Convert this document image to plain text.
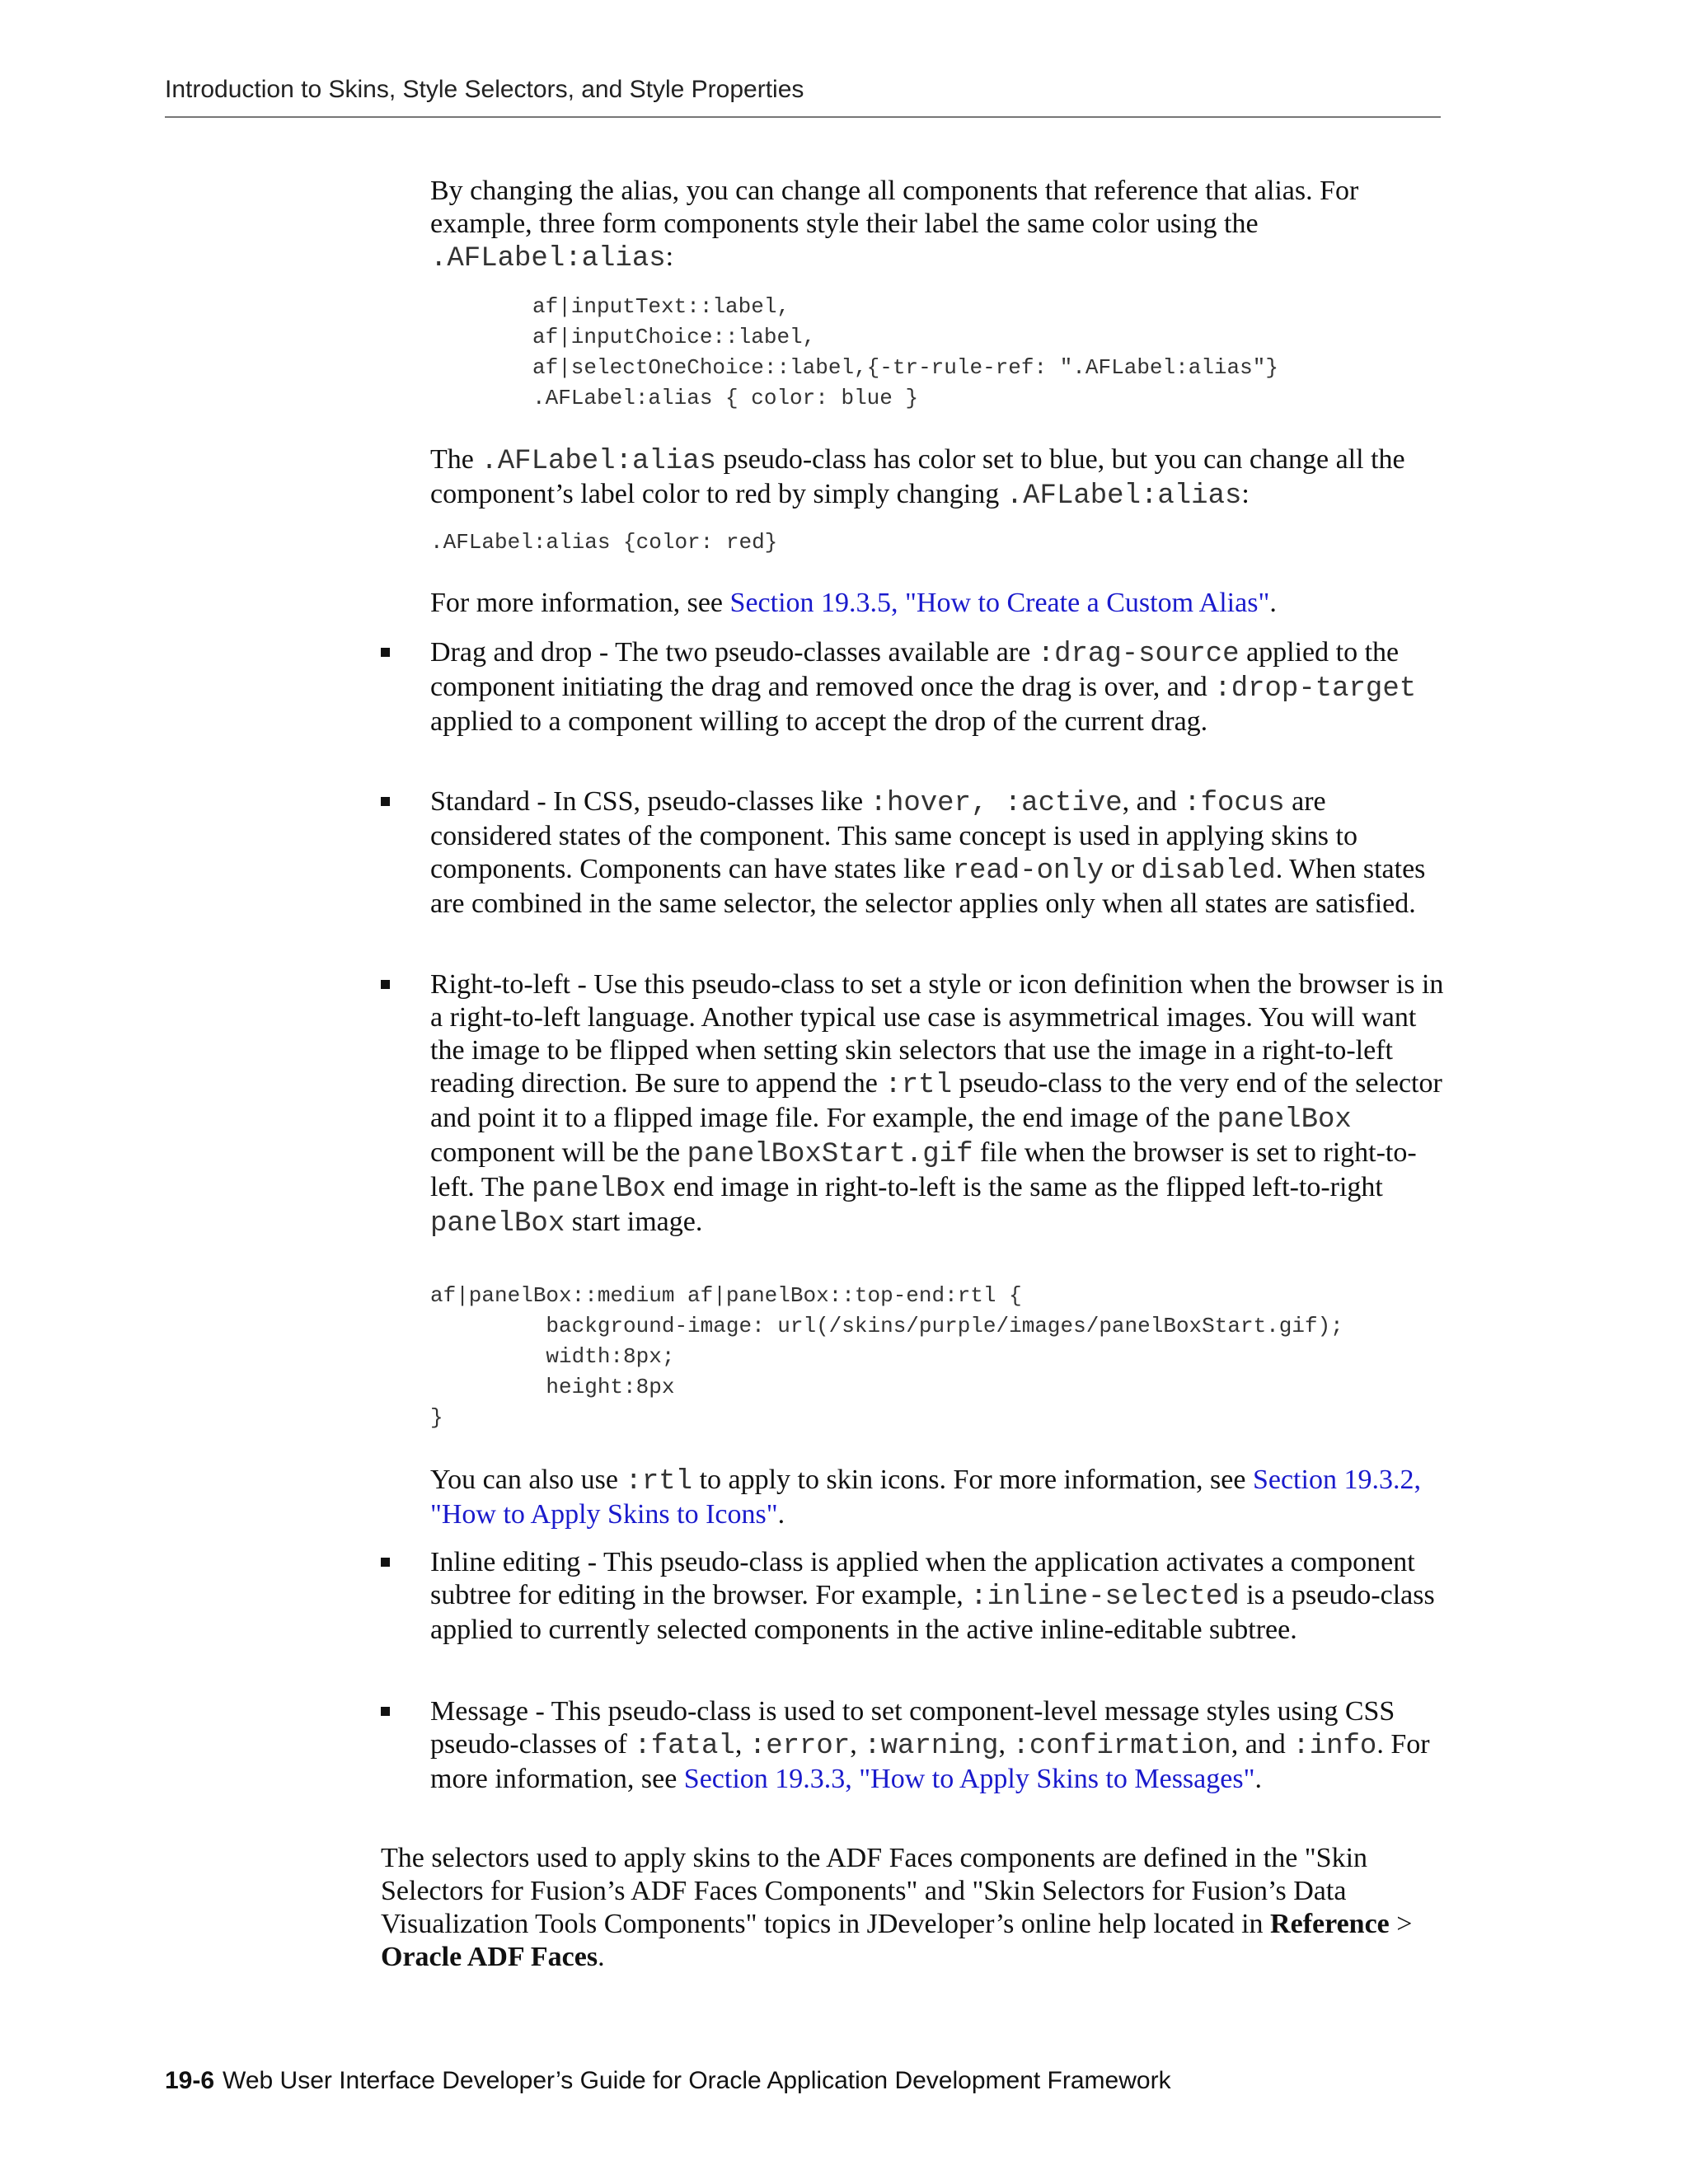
Introduction to Skins, Style Selectors, and Style Properties

By changing the alias, you can change all components that reference that alias. For example, three form components style their label the same color using the .AFLabel:alias:

af|inputText::label,
af|inputChoice::label,
af|selectOneChoice::label,{-tr-rule-ref: ".AFLabel:alias"}
.AFLabel:alias { color: blue }

The .AFLabel:alias pseudo-class has color set to blue, but you can change all the component’s label color to red by simply changing .AFLabel:alias:

.AFLabel:alias {color: red}

For more information, see Section 19.3.5, "How to Create a Custom Alias".

Drag and drop - The two pseudo-classes available are :drag-source applied to the component initiating the drag and removed once the drag is over, and :drop-target applied to a component willing to accept the drop of the current drag.

Standard - In CSS, pseudo-classes like :hover, :active, and :focus are considered states of the component. This same concept is used in applying skins to components. Components can have states like read-only or disabled. When states are combined in the same selector, the selector applies only when all states are satisfied.

Right-to-left - Use this pseudo-class to set a style or icon definition when the browser is in a right-to-left language. Another typical use case is asymmetrical images. You will want the image to be flipped when setting skin selectors that use the image in a right-to-left reading direction. Be sure to append the :rtl pseudo-class to the very end of the selector and point it to a flipped image file. For example, the end image of the panelBox component will be the panelBoxStart.gif file when the browser is set to right-to-left. The panelBox end image in right-to-left is the same as the flipped left-to-right panelBox start image.

af|panelBox::medium af|panelBox::top-end:rtl {
background-image: url(/skins/purple/images/panelBoxStart.gif);
width:8px;
height:8px
}

You can also use :rtl to apply to skin icons. For more information, see Section 19.3.2, "How to Apply Skins to Icons".

Inline editing - This pseudo-class is applied when the application activates a component subtree for editing in the browser. For example, :inline-selected is a pseudo-class applied to currently selected components in the active inline-editable subtree.

Message - This pseudo-class is used to set component-level message styles using CSS pseudo-classes of :fatal, :error, :warning, :confirmation, and :info. For more information, see Section 19.3.3, "How to Apply Skins to Messages".

The selectors used to apply skins to the ADF Faces components are defined in the "Skin Selectors for Fusion’s ADF Faces Components" and "Skin Selectors for Fusion’s Data Visualization Tools Components" topics in JDeveloper’s online help located in Reference > Oracle ADF Faces.

19-6 Web User Interface Developer’s Guide for Oracle Application Development Framework
